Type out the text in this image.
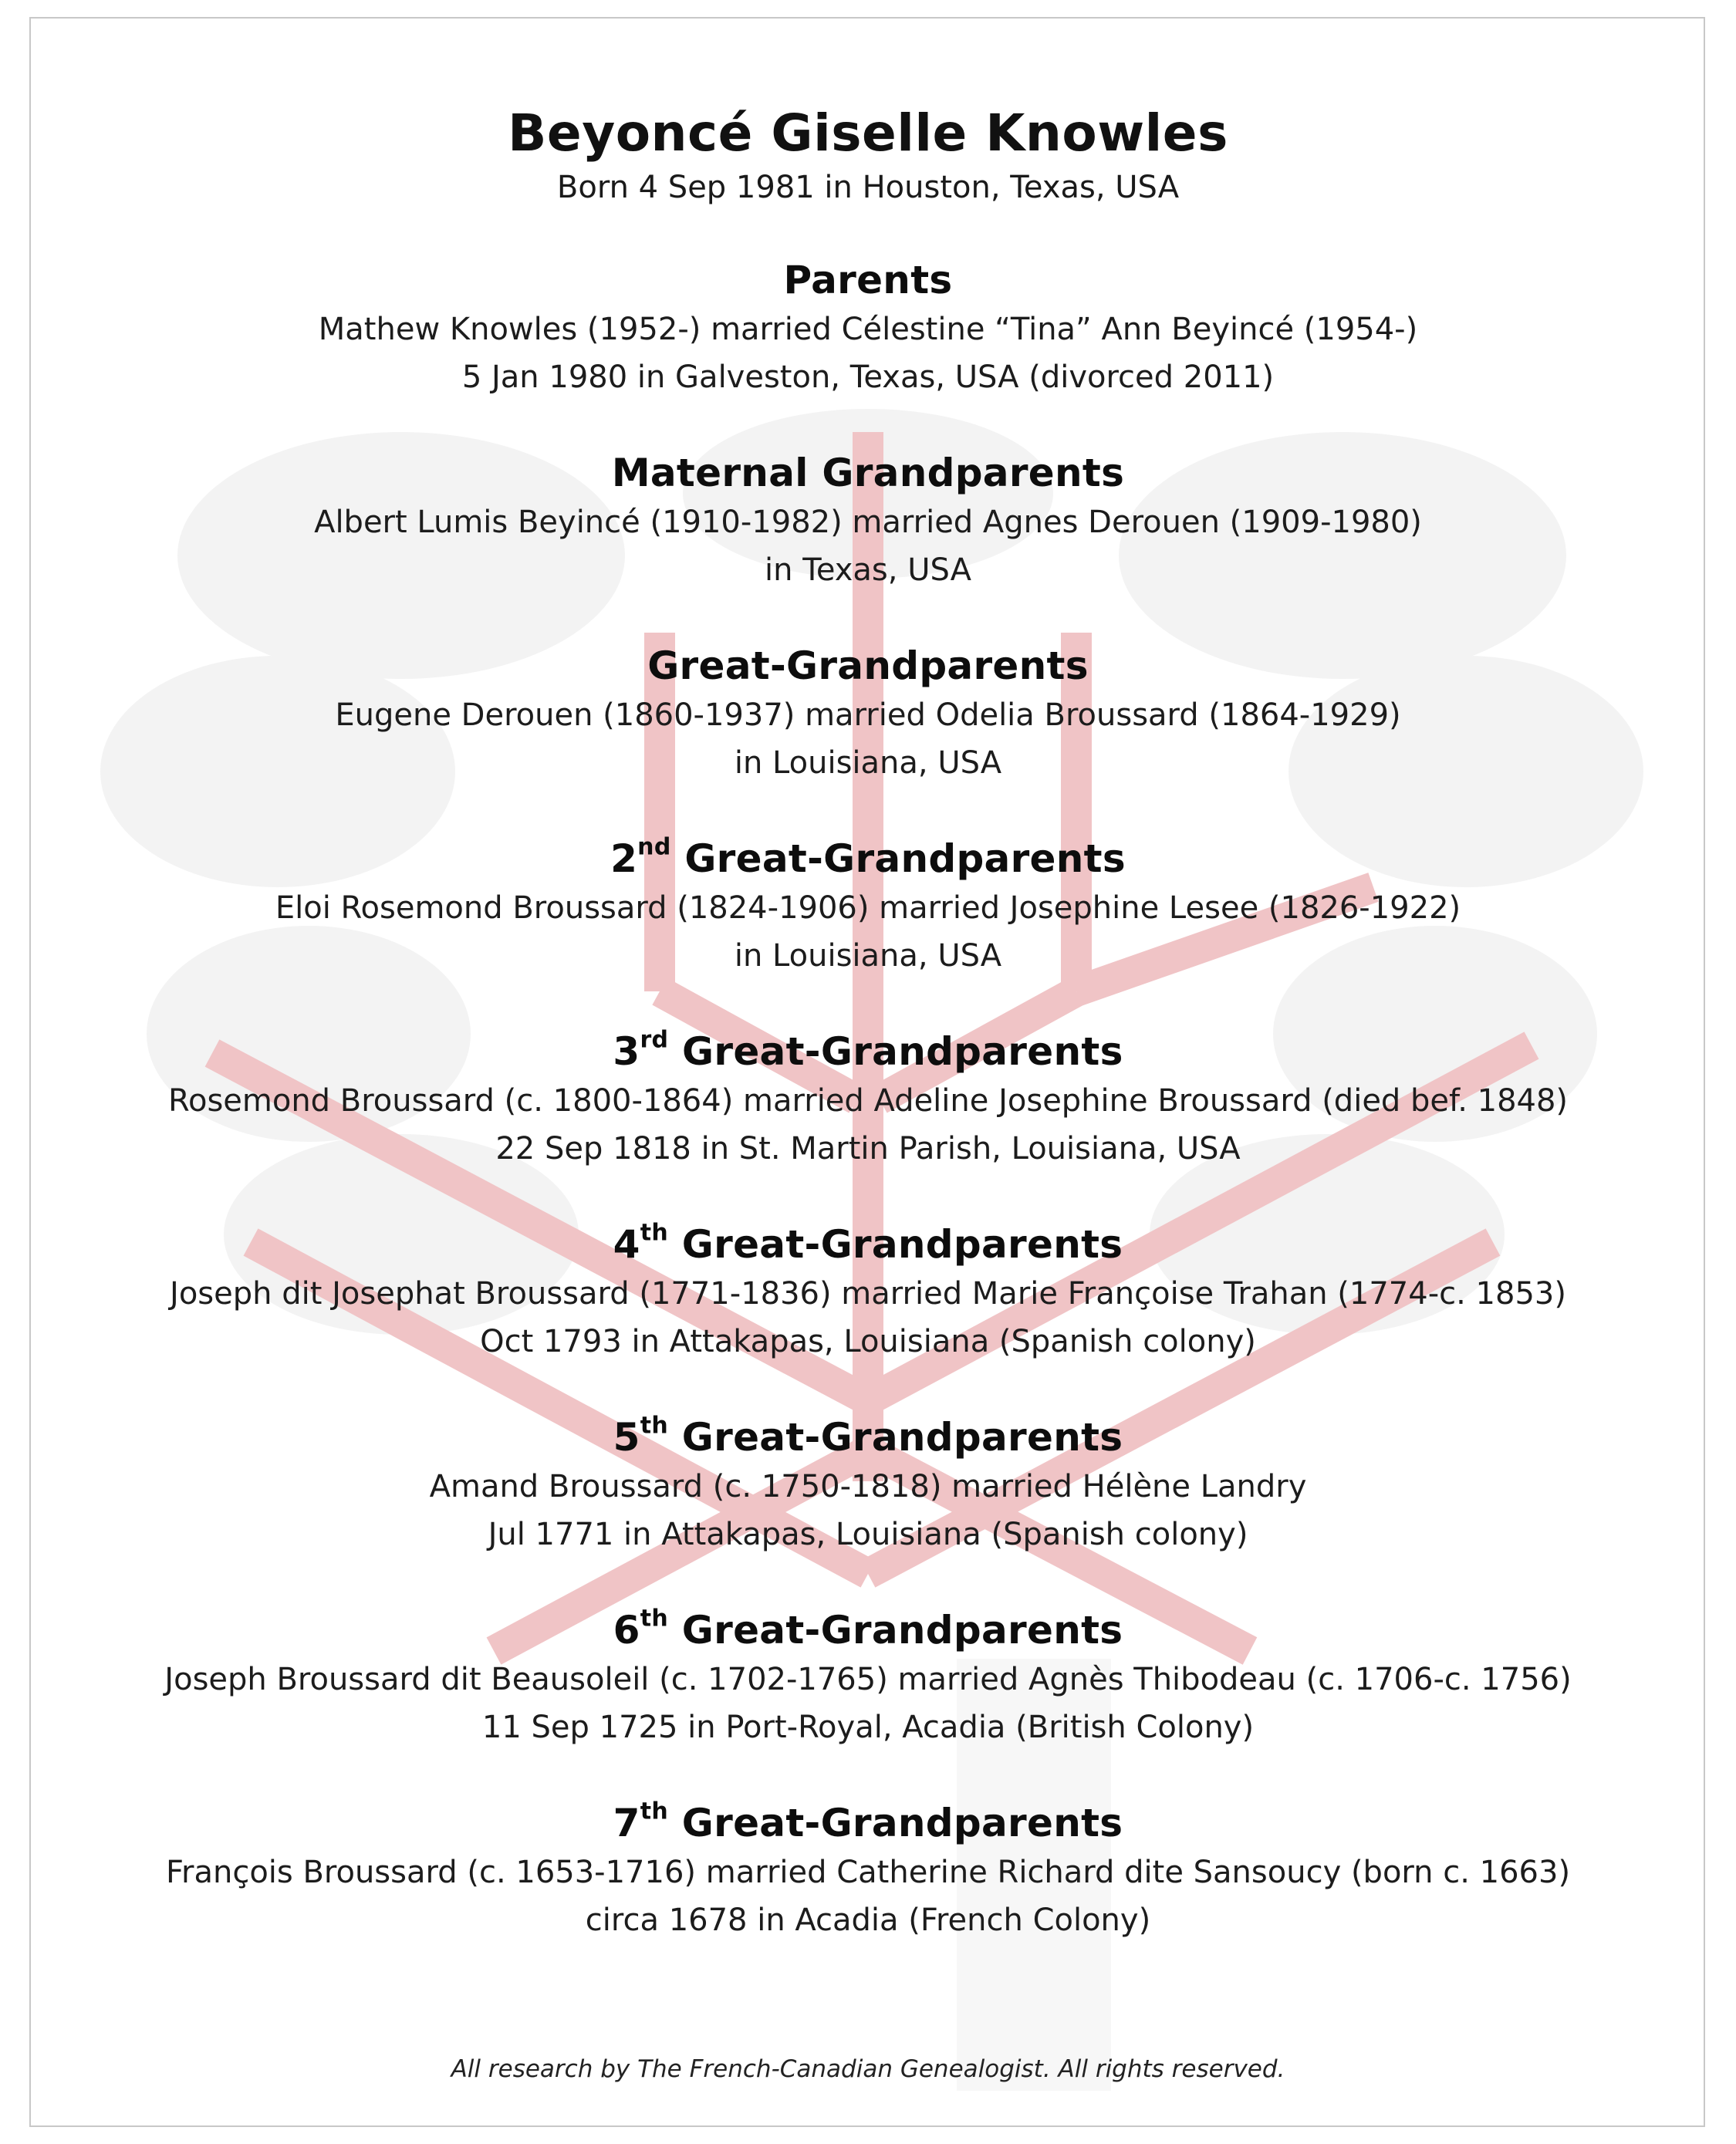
Beyoncé Giselle Knowles
Born 4 Sep 1981 in Houston, Texas, USA
Parents
Mathew Knowles (1952-) married Célestine “Tina” Ann Beyincé (1954-)
5 Jan 1980 in Galveston, Texas, USA (divorced 2011)
Maternal Grandparents
Albert Lumis Beyincé (1910-1982) married Agnes Derouen (1909-1980)
in Texas, USA
Great-Grandparents
Eugene Derouen (1860-1937) married Odelia Broussard (1864-1929)
in Louisiana, USA
2nd Great-Grandparents
Eloi Rosemond Broussard (1824-1906) married Josephine Lesee (1826-1922)
in Louisiana, USA
3rd Great-Grandparents
Rosemond Broussard (c. 1800-1864) married Adeline Josephine Broussard (died bef. 1848)
22 Sep 1818 in St. Martin Parish, Louisiana, USA
4th Great-Grandparents
Joseph dit Josephat Broussard (1771-1836) married Marie Françoise Trahan (1774-c. 1853)
Oct 1793 in Attakapas, Louisiana (Spanish colony)
5th Great-Grandparents
Amand Broussard (c. 1750-1818) married Hélène Landry
Jul 1771 in Attakapas, Louisiana (Spanish colony)
6th Great-Grandparents
Joseph Broussard dit Beausoleil (c. 1702-1765) married Agnès Thibodeau (c. 1706-c. 1756)
11 Sep 1725 in Port-Royal, Acadia (British Colony)
7th Great-Grandparents
François Broussard (c. 1653-1716) married Catherine Richard dite Sansoucy (born c. 1663)
circa 1678 in Acadia (French Colony)
All research by The French-Canadian Genealogist. All rights reserved.
